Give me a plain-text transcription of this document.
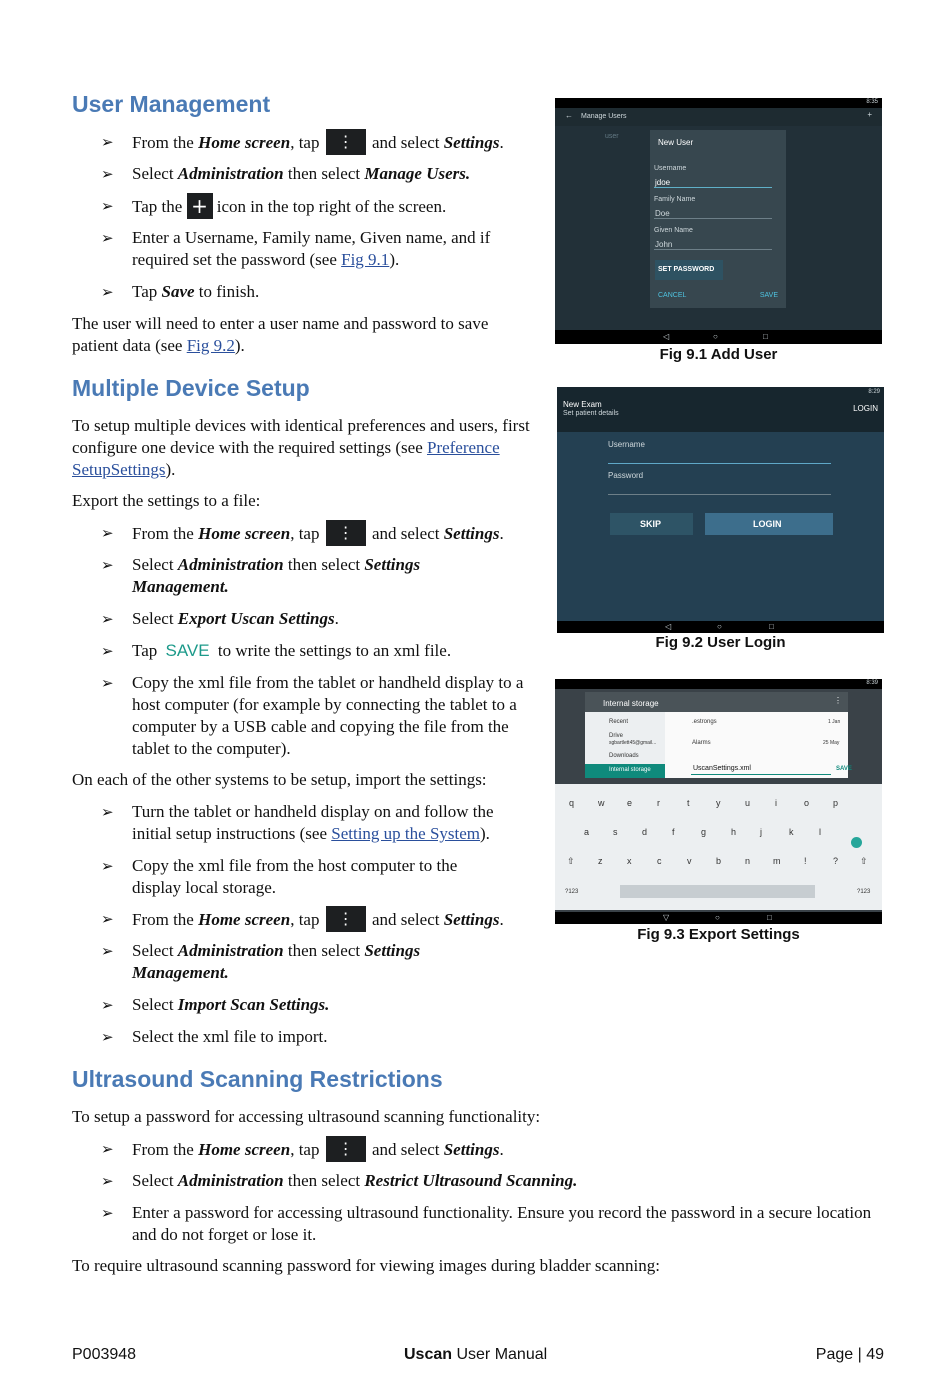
User Management
➢ From the Home screen, tap ⋮ and select Settings.
➢ Select Administration then select Manage Users.
➢ Tap the + icon in the top right of the screen.
➢ Enter a Username, Family name, Given name, and if required set the password (see Fig 9.1).
➢ Tap Save to finish.

The user will need to enter a user name and password to save patient data (see Fig 9.2).

Multiple Device Setup

To setup multiple devices with identical preferences and users, first configure one device with the required settings (see Preference SetupSettings).

Export the settings to a file:

➢ From the Home screen, tap ⋮ and select Settings.
➢ Select Administration then select Settings Management.
➢ Select Export Uscan Settings.
➢ Tap SAVE to write the settings to an xml file.
➢ Copy the xml file from the tablet or handheld display to a host computer (for example by connecting the tablet to a computer by a USB cable and copying the file from the tablet to the computer).

On each of the other systems to be setup, import the settings:

➢ Turn the tablet or handheld display on and follow the initial setup instructions (see Setting up the System).
➢ Copy the xml file from the host computer to the display local storage.
➢ From the Home screen, tap ⋮ and select Settings.
➢ Select Administration then select Settings Management.
➢ Select Import Scan Settings.
➢ Select the xml file to import.
Ultrasound Scanning Restrictions

To setup a password for accessing ultrasound scanning functionality:

➢ From the Home screen, tap ⋮ and select Settings.
➢ Select Administration then select Restrict Ultrasound Scanning.
➢ Enter a password for accessing ultrasound functionality. Ensure you record the password in a secure location and do not forget or lose it.

To require ultrasound scanning password for viewing images during bladder scanning:

8:35
← Manage Users	+
user
New User
Username
jdoe
Family Name
Doe
Given Name
John
SET PASSWORD
CANCEL	SAVE
◁	○	□
Fig 9.1 Add User
8:29
New Exam
Set patient details
LOGIN
Username
Password
SKIP	LOGIN
◁	○	□
Fig 9.2 User Login
8:39
Internal storage	⋮
Recent
Drive
sgbartlett45@gmail...
Downloads
Internal storage
.estrongs	1 Jan
Alarms	25 May
UscanSettings.xml	SAVE
q	w	e	r	t	y	u	i	o	p
a	s	d	f	g	h	j	k	l
⇧	z	x	c	v	b	n	m	!	? ⇧
?123	?123
▽	○	□
Fig 9.3 Export Settings
P003948	Uscan User Manual	Page | 49
